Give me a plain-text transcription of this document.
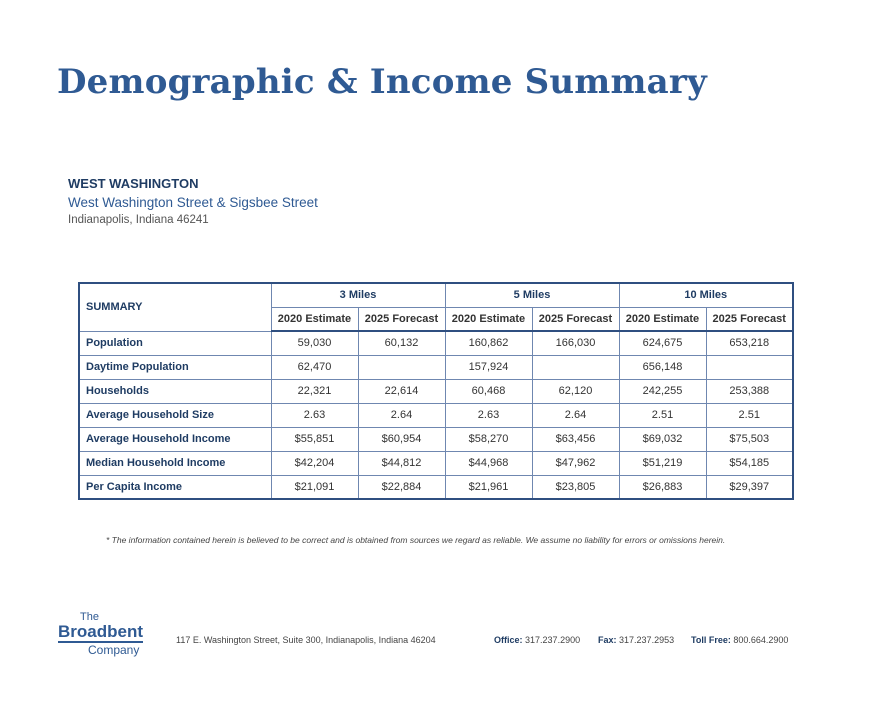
Demographic & Income Summary
WEST WASHINGTON
West Washington Street & Sigsbee Street
Indianapolis, Indiana 46241
SUMMARY	3 Miles		5 Miles		10 Miles	
	2020 Estimate	2025 Forecast	2020 Estimate	2025 Forecast	2020 Estimate	2025 Forecast
Population	59,030	60,132	160,862	166,030	624,675	653,218
Daytime Population	62,470		157,924		656,148	
Households	22,321	22,614	60,468	62,120	242,255	253,388
Average Household Size	2.63	2.64	2.63	2.64	2.51	2.51
Average Household Income	$55,851	$60,954	$58,270	$63,456	$69,032	$75,503
Median Household Income	$42,204	$44,812	$44,968	$47,962	$51,219	$54,185
Per Capita Income	$21,091	$22,884	$21,961	$23,805	$26,883	$29,397
* The information contained herein is believed to be correct and is obtained from sources we regard as reliable. We assume no liability for errors or omissions herein.
The
Broadbent
Company
117 E. Washington Street, Suite 300, Indianapolis, Indiana 46204	Office: 317.237.2900 Fax: 317.237.2953 Toll Free: 800.664.2900
